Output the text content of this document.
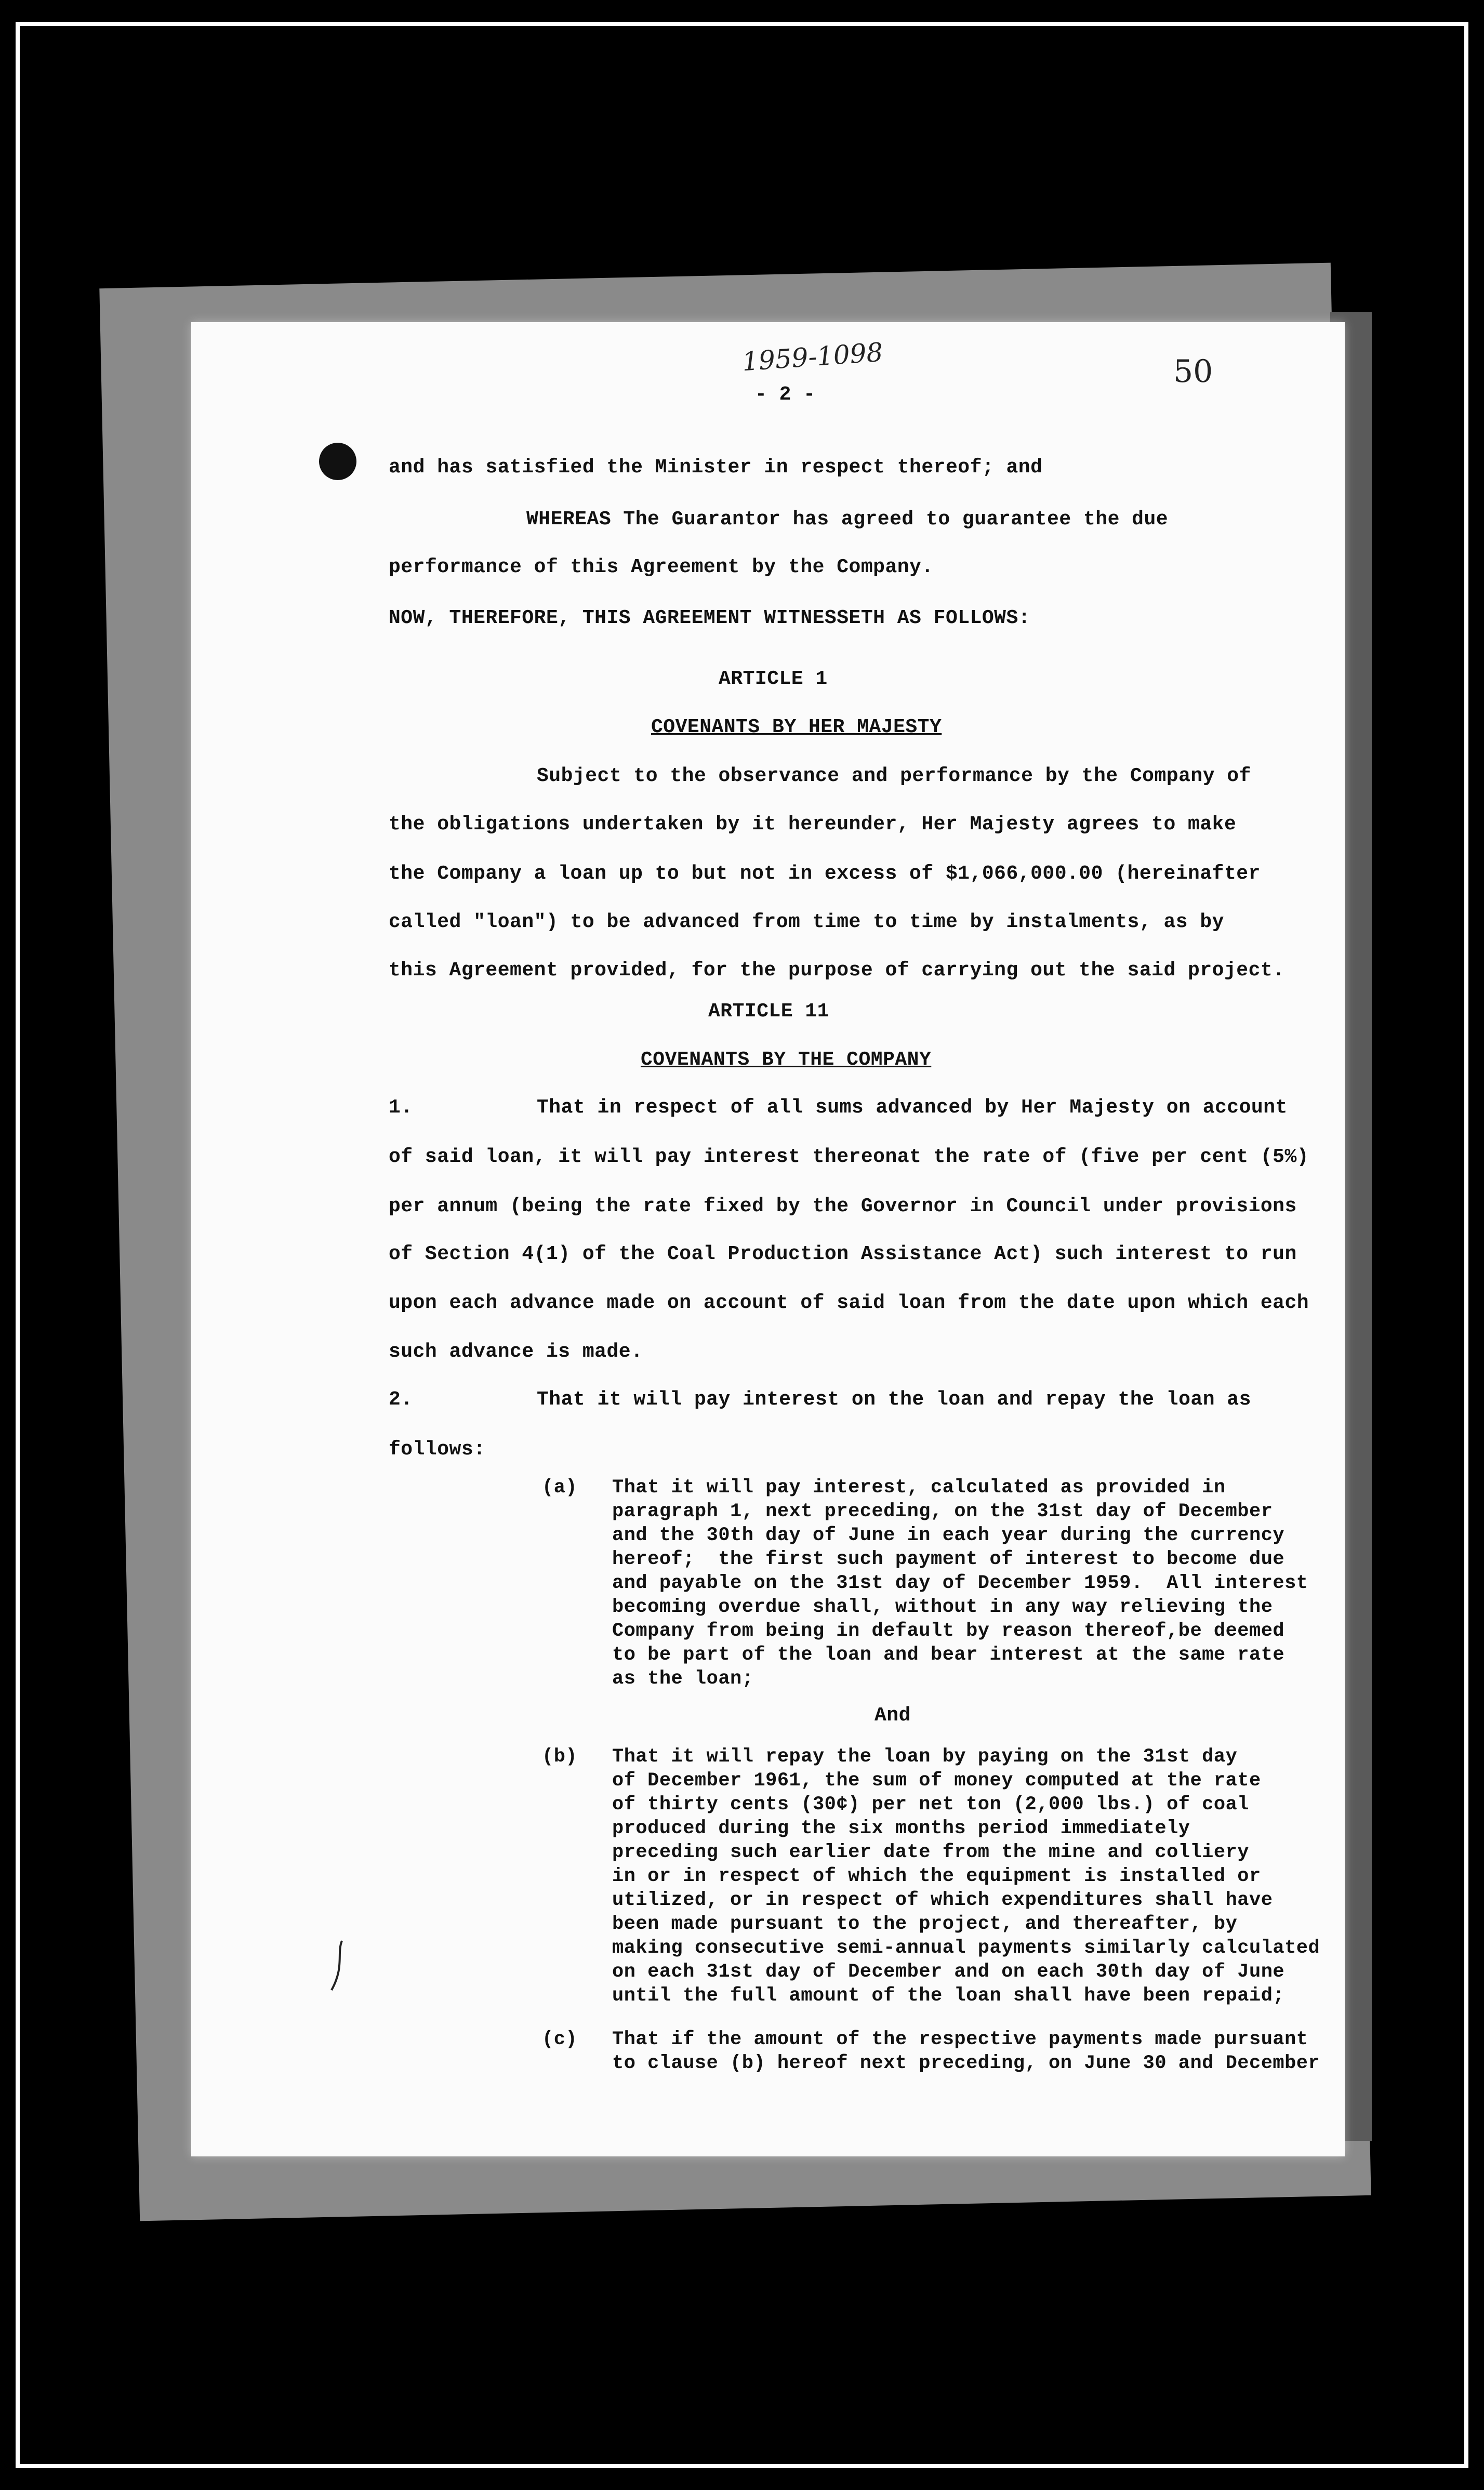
1959-1098
- 2 -
50
and has satisfied the Minister in respect thereof; and
WHEREAS The Guarantor has agreed to guarantee the due
performance of this Agreement by the Company.
NOW, THEREFORE, THIS AGREEMENT WITNESSETH AS FOLLOWS:
ARTICLE 1
COVENANTS BY HER MAJESTY
Subject to the observance and performance by the Company of
the obligations undertaken by it hereunder, Her Majesty agrees to make
the Company a loan up to but not in excess of $1,066,000.00 (hereinafter
called "loan") to be advanced from time to time by instalments, as by
this Agreement provided, for the purpose of carrying out the said project.
ARTICLE 11
COVENANTS BY THE COMPANY
1.	That in respect of all sums advanced by Her Majesty on account
of said loan, it will pay interest thereonat the rate of (five per cent (5%)
per annum (being the rate fixed by the Governor in Council under provisions
of Section 4(1) of the Coal Production Assistance Act) such interest to run
upon each advance made on account of said loan from the date upon which each
such advance is made.
2.	That it will pay interest on the loan and repay the loan as
follows:
(a) That it will pay interest, calculated as provided in
paragraph 1, next preceding, on the 31st day of December
and the 30th day of June in each year during the currency
hereof;  the first such payment of interest to become due
and payable on the 31st day of December 1959.  All interest
becoming overdue shall, without in any way relieving the
Company from being in default by reason thereof,be deemed
to be part of the loan and bear interest at the same rate
as the loan;
And
(b) That it will repay the loan by paying on the 31st day
of December 1961, the sum of money computed at the rate
of thirty cents (30¢) per net ton (2,000 lbs.) of coal
produced during the six months period immediately
preceding such earlier date from the mine and colliery
in or in respect of which the equipment is installed or
utilized, or in respect of which expenditures shall have
been made pursuant to the project, and thereafter, by
making consecutive semi-annual payments similarly calculated
on each 31st day of December and on each 30th day of June
until the full amount of the loan shall have been repaid;
(c) That if the amount of the respective payments made pursuant
to clause (b) hereof next preceding, on June 30 and December
